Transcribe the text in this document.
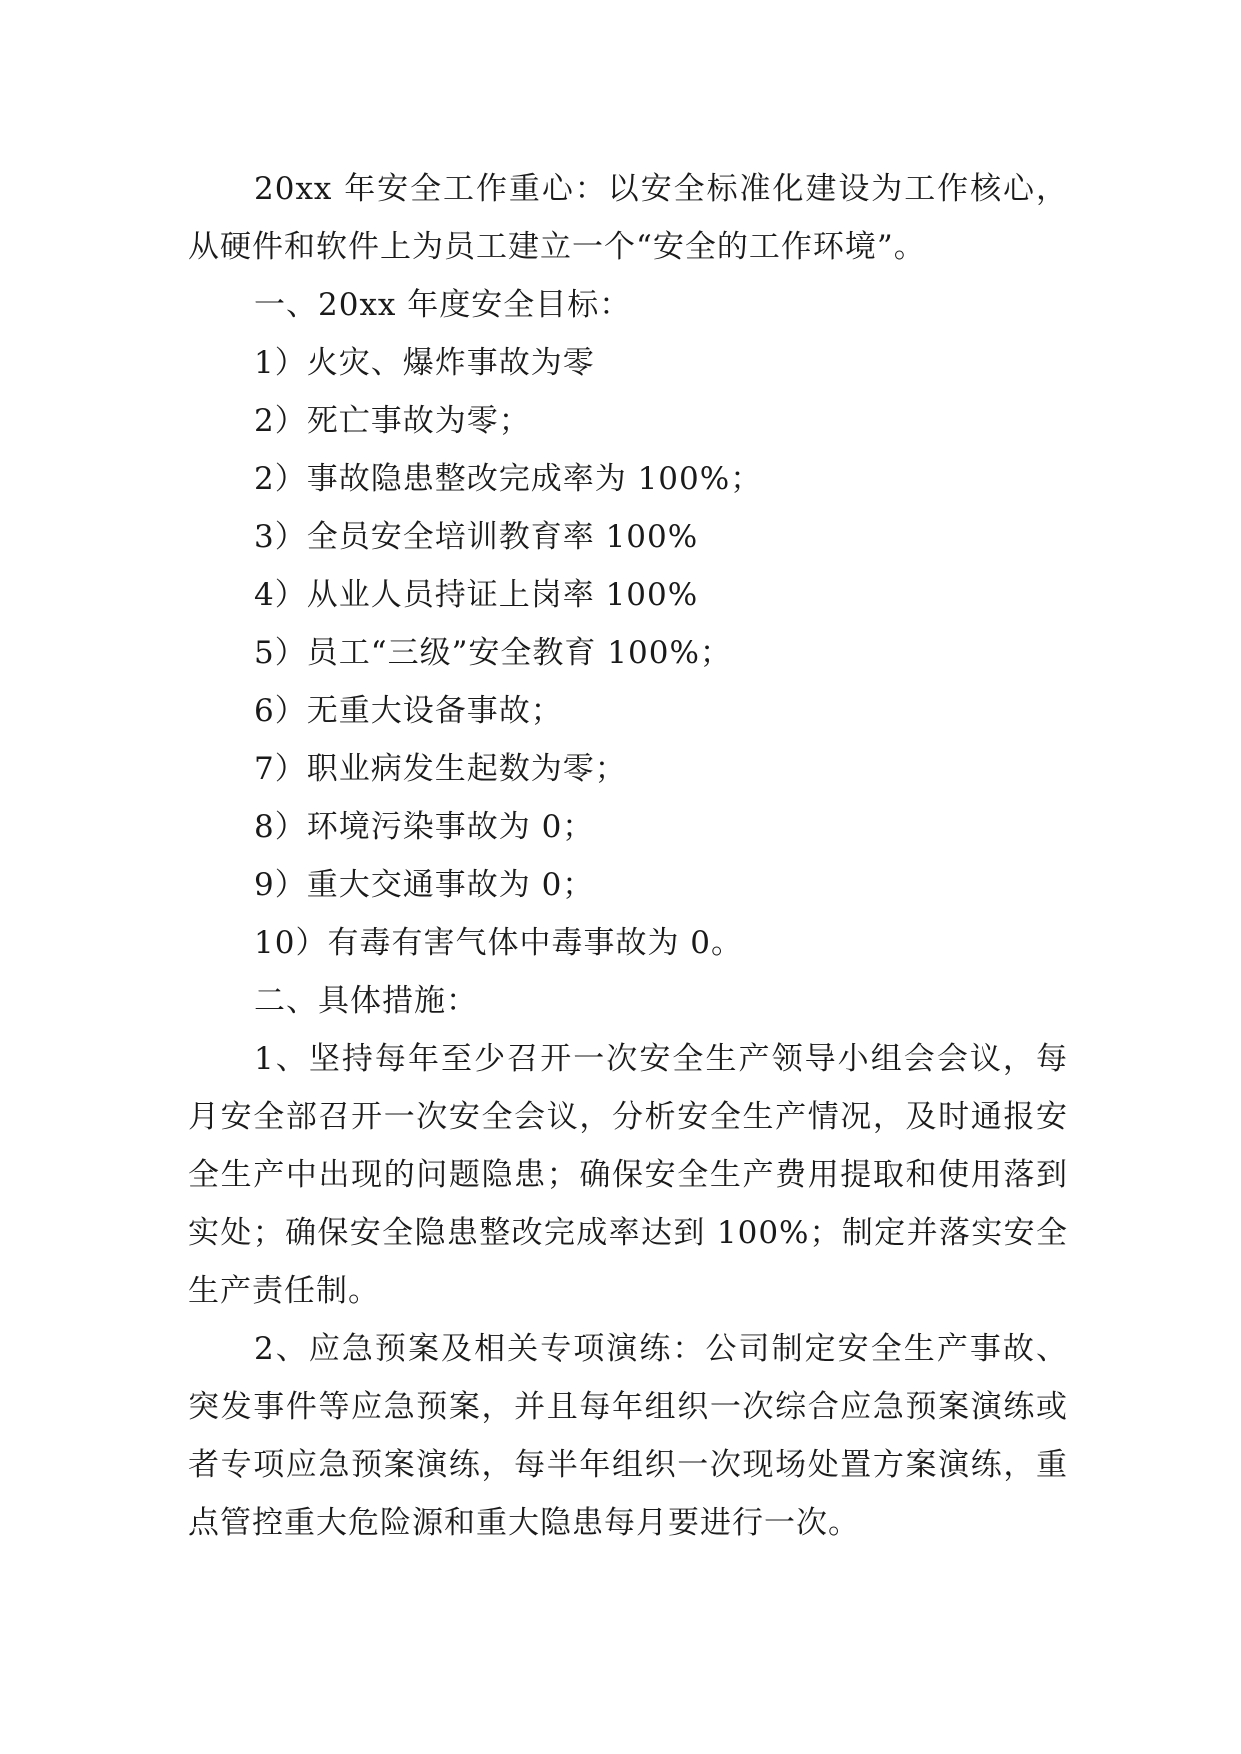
20xx 年安全工作重心：以安全标准化建设为工作核心，从硬件和软件上为员工建立一个“安全的工作环境”。

一、20xx 年度安全目标：

1）火灾、爆炸事故为零

2）死亡事故为零；

2）事故隐患整改完成率为 100%；

3）全员安全培训教育率 100%

4）从业人员持证上岗率 100%

5）员工“三级”安全教育 100%；

6）无重大设备事故；

7）职业病发生起数为零；

8）环境污染事故为 0；

9）重大交通事故为 0；

10）有毒有害气体中毒事故为 0。

二、具体措施：

1、坚持每年至少召开一次安全生产领导小组会会议，每月安全部召开一次安全会议，分析安全生产情况，及时通报安全生产中出现的问题隐患；确保安全生产费用提取和使用落到实处；确保安全隐患整改完成率达到 100%；制定并落实安全生产责任制。

2、应急预案及相关专项演练：公司制定安全生产事故、突发事件等应急预案，并且每年组织一次综合应急预案演练或者专项应急预案演练，每半年组织一次现场处置方案演练，重点管控重大危险源和重大隐患每月要进行一次。
